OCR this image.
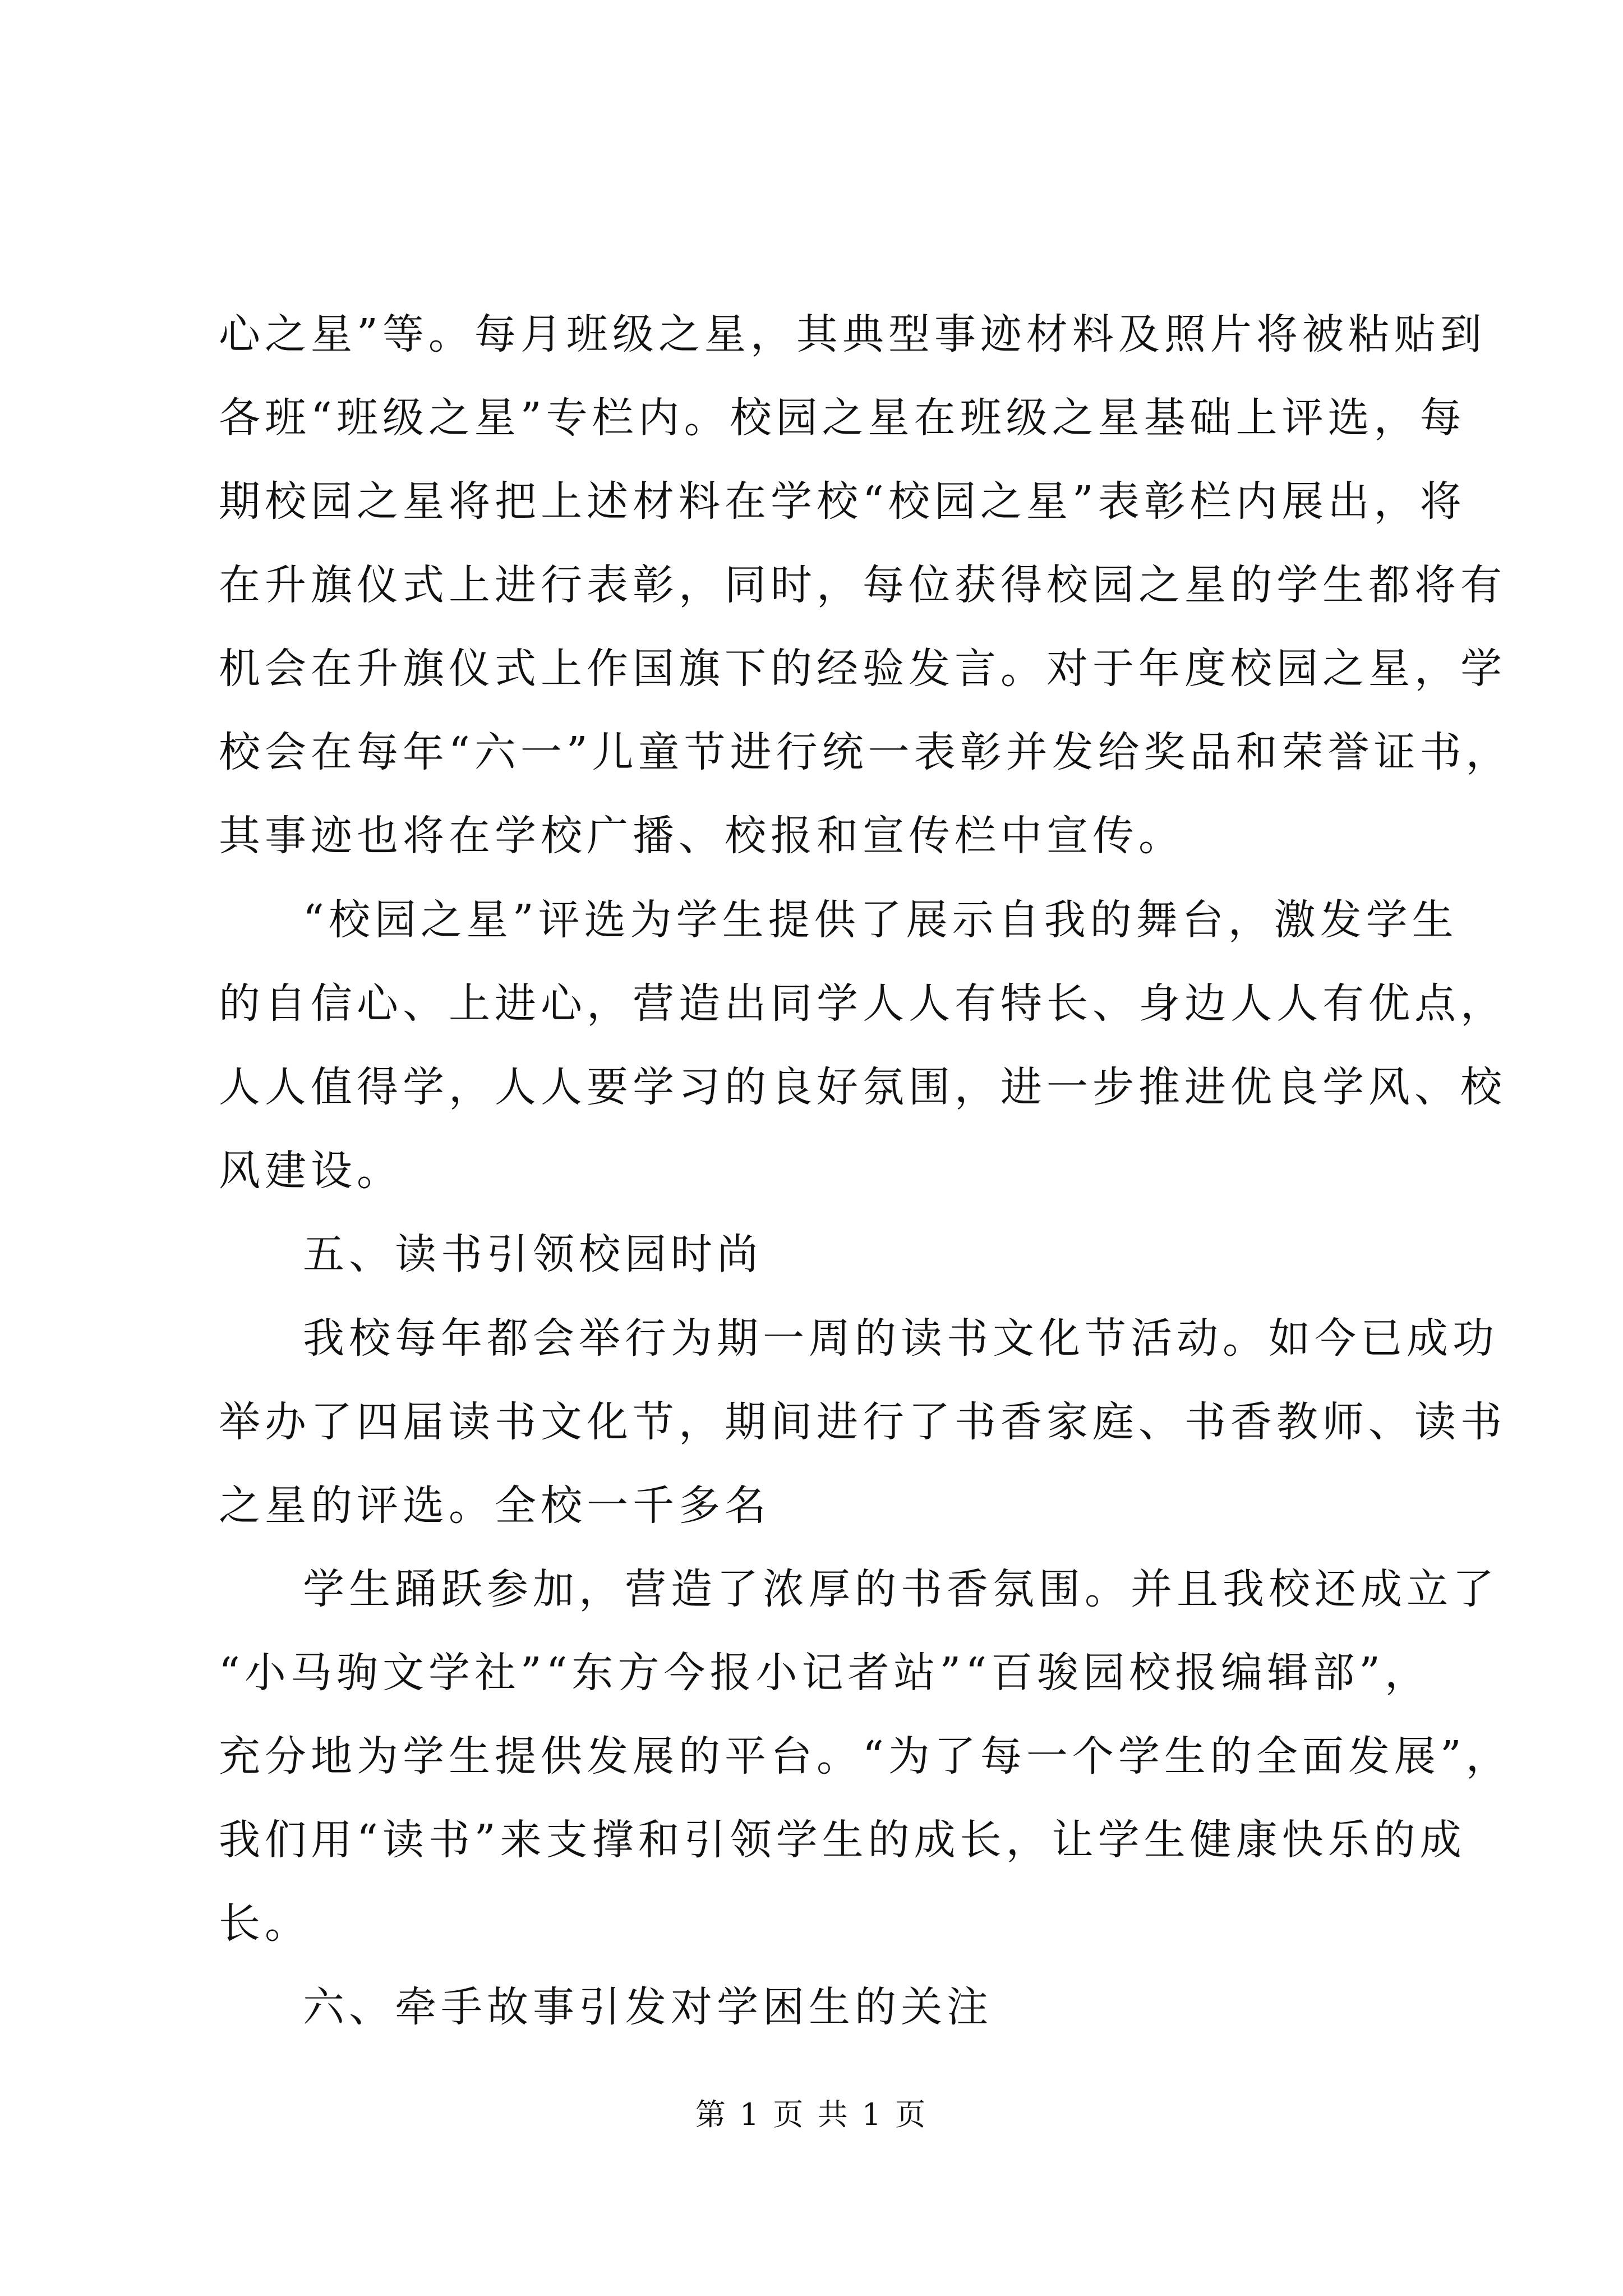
心之星”等。每月班级之星，其典型事迹材料及照片将被粘贴到
各班“班级之星”专栏内。校园之星在班级之星基础上评选，每
期校园之星将把上述材料在学校“校园之星”表彰栏内展出，将
在升旗仪式上进行表彰，同时，每位获得校园之星的学生都将有
机会在升旗仪式上作国旗下的经验发言。对于年度校园之星，学
校会在每年“六一”儿童节进行统一表彰并发给奖品和荣誉证书，
其事迹也将在学校广播、校报和宣传栏中宣传。
“校园之星”评选为学生提供了展示自我的舞台，激发学生
的自信心、上进心，营造出同学人人有特长、身边人人有优点，
人人值得学，人人要学习的良好氛围，进一步推进优良学风、校
风建设。
五、读书引领校园时尚
我校每年都会举行为期一周的读书文化节活动。如今已成功
举办了四届读书文化节，期间进行了书香家庭、书香教师、读书
之星的评选。全校一千多名
学生踊跃参加，营造了浓厚的书香氛围。并且我校还成立了
“小马驹文学社”“东方今报小记者站”“百骏园校报编辑部”，
充分地为学生提供发展的平台。“为了每一个学生的全面发展”，
我们用“读书”来支撑和引领学生的成长，让学生健康快乐的成
长。
六、牵手故事引发对学困生的关注
第 1 页 共 1 页
